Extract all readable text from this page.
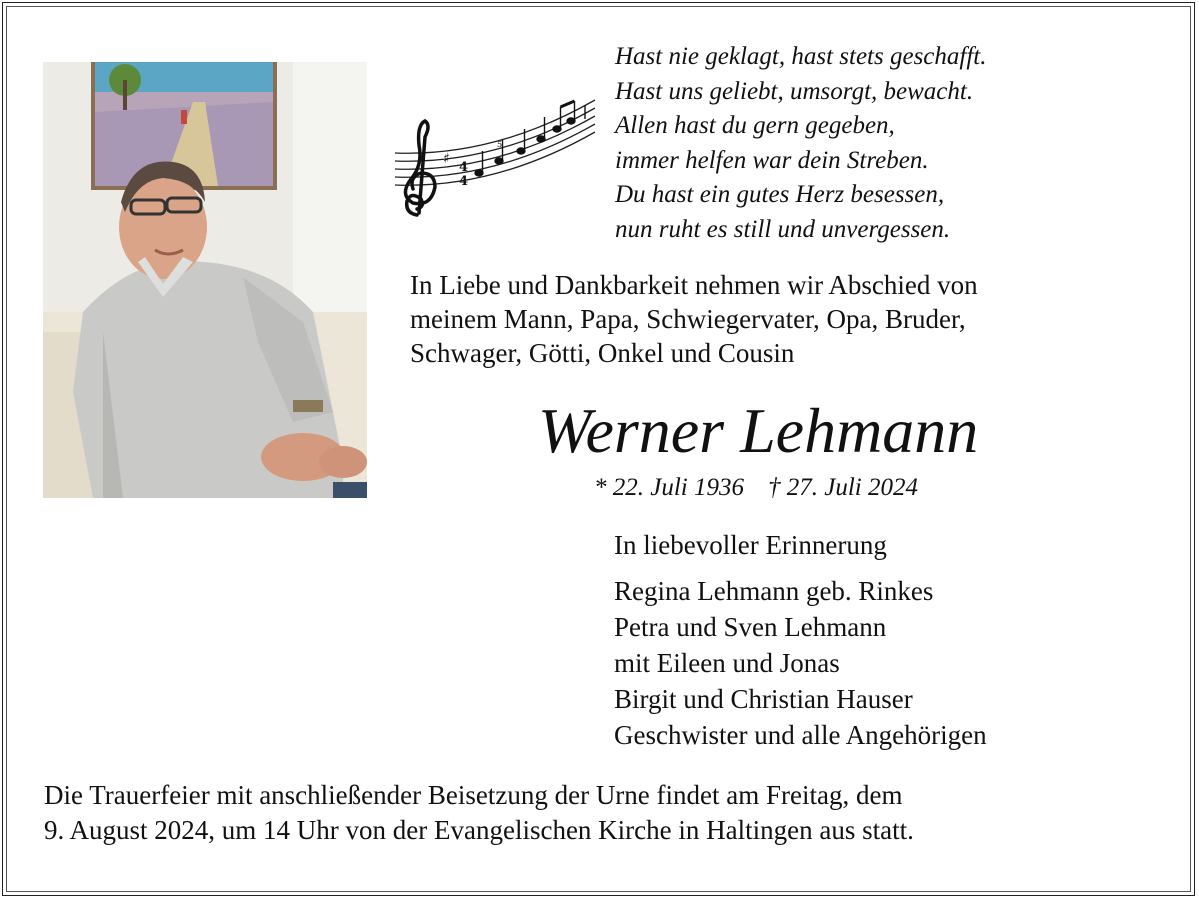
♯
4
4
5
Hast nie geklagt, hast stets geschafft.
Hast uns geliebt, umsorgt, bewacht.
Allen hast du gern gegeben,
immer helfen war dein Streben.
Du hast ein gutes Herz besessen,
nun ruht es still und unvergessen.
In Liebe und Dankbarkeit nehmen wir Abschied von
meinem Mann, Papa, Schwiegervater, Opa, Bruder,
Schwager, Götti, Onkel und Cousin
Werner Lehmann
* 22. Juli 1936 † 27. Juli 2024
In liebevoller Erinnerung
Regina Lehmann geb. Rinkes
Petra und Sven Lehmann
mit Eileen und Jonas
Birgit und Christian Hauser
Geschwister und alle Angehörigen
Die Trauerfeier mit anschließender Beisetzung der Urne findet am Freitag, dem
9. August 2024, um 14 Uhr von der Evangelischen Kirche in Haltingen aus statt.
